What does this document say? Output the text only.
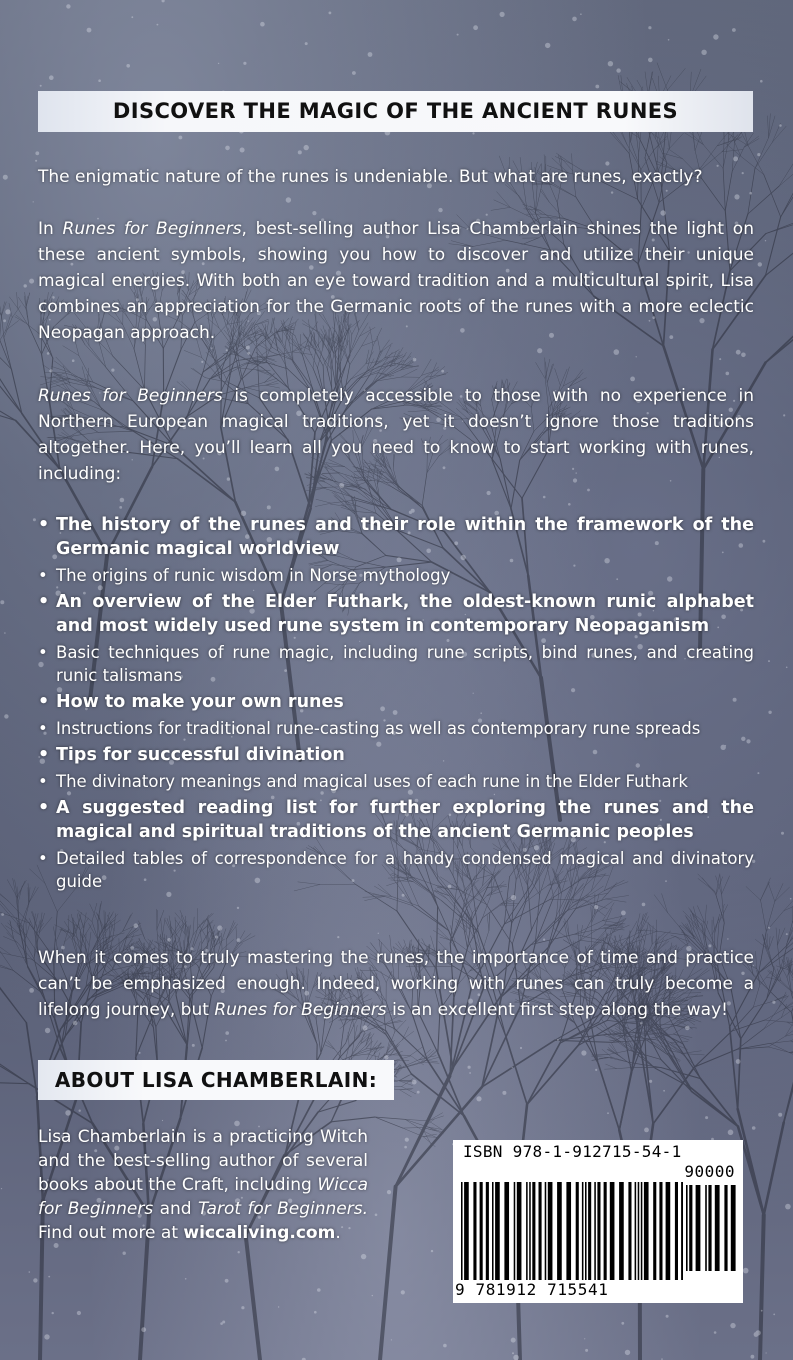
DISCOVER THE MAGIC OF THE ANCIENT RUNES

The enigmatic nature of the runes is undeniable. But what are runes, exactly?

In Runes for Beginners, best-selling author Lisa Chamberlain shines the light on these ancient symbols, showing you how to discover and utilize their unique magical energies. With both an eye toward tradition and a multicultural spirit, Lisa combines an appreciation for the Germanic roots of the runes with a more eclectic Neopagan approach.

Runes for Beginners is completely accessible to those with no experience in Northern European magical traditions, yet it doesn’t ignore those traditions altogether. Here, you’ll learn all you need to know to start working with runes, including:

• The history of the runes and their role within the framework of the Germanic magical worldview
• The origins of runic wisdom in Norse mythology
• An overview of the Elder Futhark, the oldest-known runic alphabet and most widely used rune system in contemporary Neopaganism
• Basic techniques of rune magic, including rune scripts, bind runes, and creating runic talismans
• How to make your own runes
• Instructions for traditional rune-casting as well as contemporary rune spreads
• Tips for successful divination
• The divinatory meanings and magical uses of each rune in the Elder Futhark
• A suggested reading list for further exploring the runes and the magical and spiritual traditions of the ancient Germanic peoples
• Detailed tables of correspondence for a handy condensed magical and divinatory guide

When it comes to truly mastering the runes, the importance of time and practice can’t be emphasized enough. Indeed, working with runes can truly become a lifelong journey, but Runes for Beginners is an excellent first step along the way!

ABOUT LISA CHAMBERLAIN:
Lisa Chamberlain is a practicing Witch and the best-selling author of several books about the Craft, including Wicca for Beginners and Tarot for Beginners. Find out more at wiccaliving.com.
ISBN 978-1-912715-54-1
90000
9 781912 715541
